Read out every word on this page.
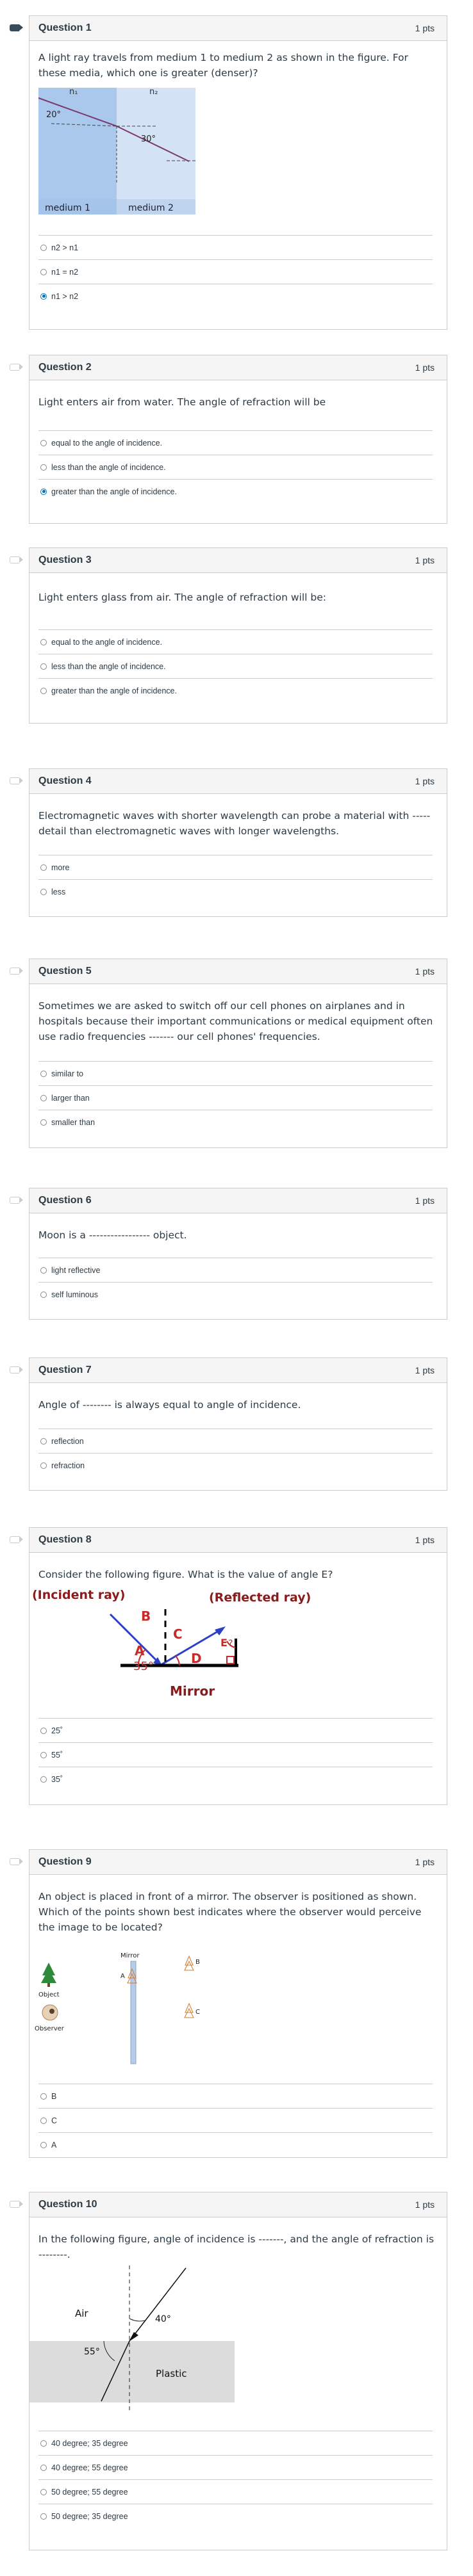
Question 1	1 pts
A light ray travels from medium 1 to medium 2 as shown in the figure. For these media, which one is greater (denser)?
n₁	n₂
20°
30°
medium 1	medium 2
n2 > n1
n1 = n2
n1 > n2
Question 2	1 pts
Light enters air from water. The angle of refraction will be
equal to the angle of incidence.
less than the angle of incidence.
greater than the angle of incidence.
Question 3	1 pts
Light enters glass from air. The angle of refraction will be:
equal to the angle of incidence.
less than the angle of incidence.
greater than the angle of incidence.
Question 4	1 pts
Electromagnetic waves with shorter wavelength can probe a material with ----- detail than electromagnetic waves with longer wavelengths.
more
less
Question 5	1 pts
Sometimes we are asked to switch off our cell phones on airplanes and in hospitals because their important communications or medical equipment often use radio frequencies ------- our cell phones' frequencies.
similar to
larger than
smaller than
Question 6	1 pts
Moon is a ----------------- object.
light reflective
self luminous
Question 7	1 pts
Angle of -------- is always equal to angle of incidence.
reflection
refraction
Question 8	1 pts
Consider the following figure. What is the value of angle E?
(Incident ray)	(Reflected ray)
A
B
C
D
E ?
35°
Mirror
25˚
55˚
35˚
Question 9	1 pts
An object is placed in front of a mirror. The observer is positioned as shown. Which of the points shown best indicates where the observer would perceive the image to be located?
Mirror
Object
A
B
C
Observer
B
C
A
Question 10	1 pts
In the following figure, angle of incidence is -------, and the angle of refraction is --------.
Air
Plastic
40°
55°
40 degree; 35 degree
40 degree; 55 degree
50 degree; 55 degree
50 degree; 35 degree
